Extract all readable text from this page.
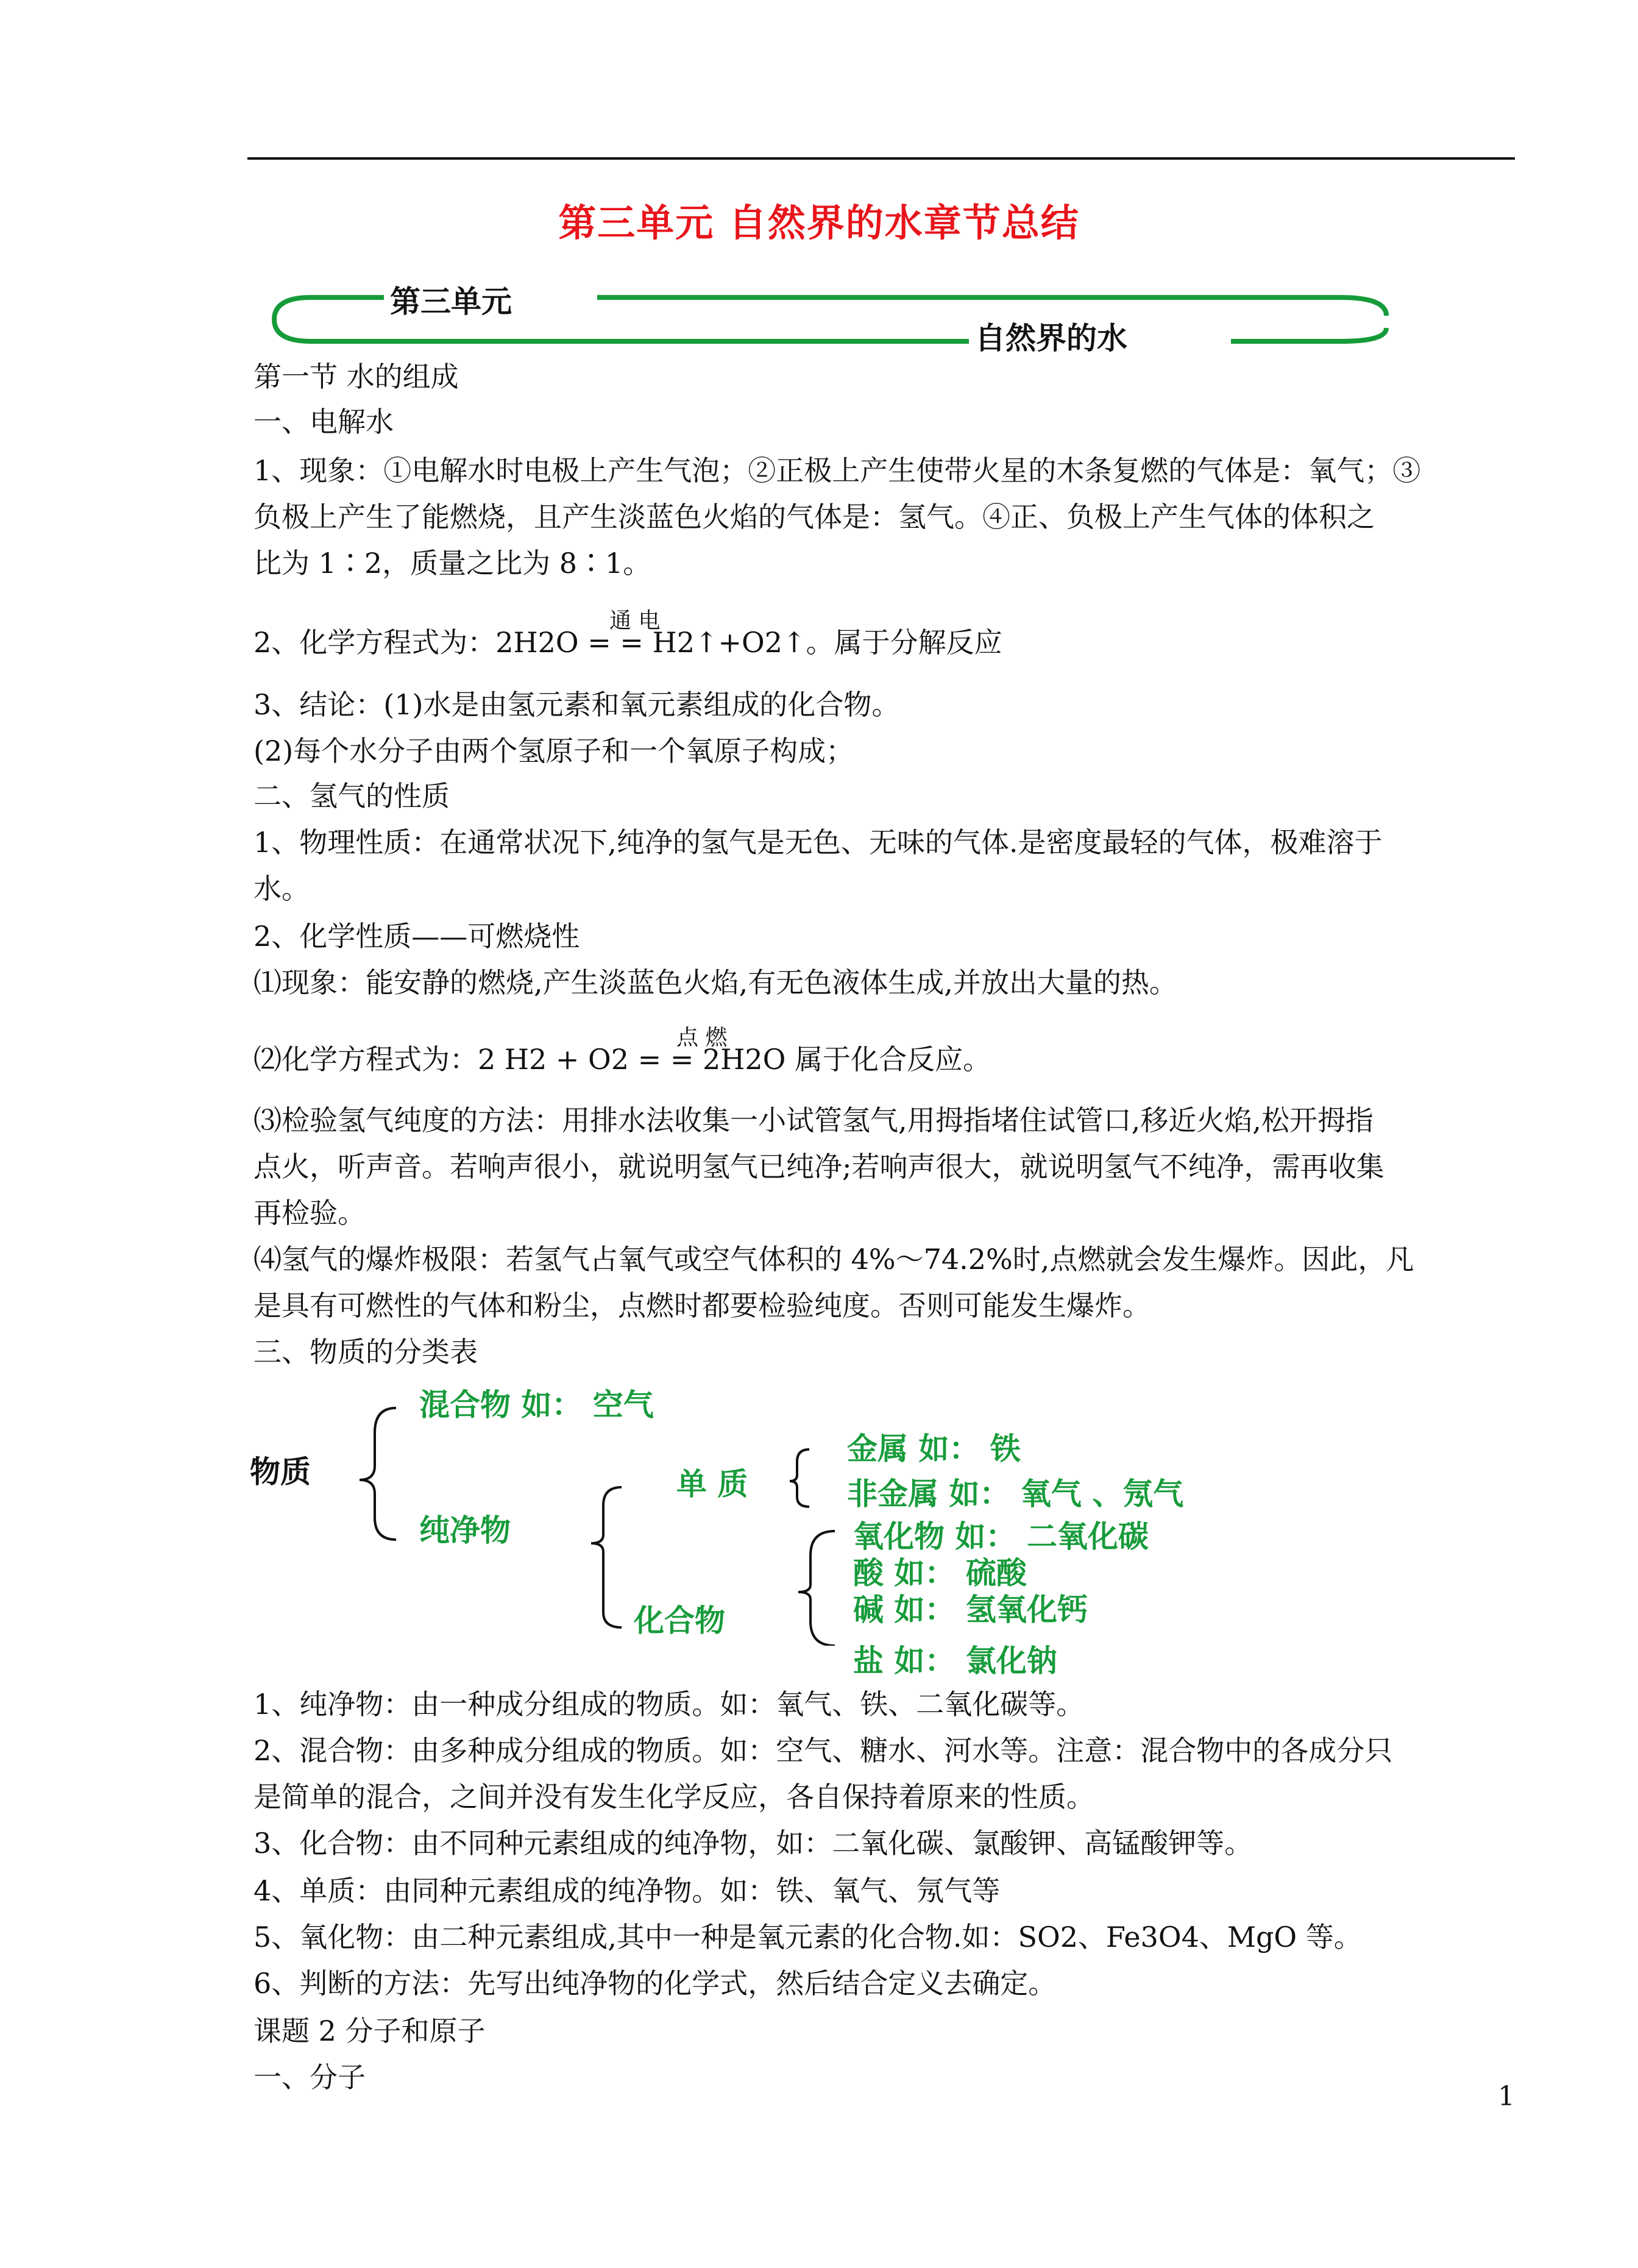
第三单元 自然界的水章节总结
第三单元
自然界的水
第一节 水的组成
一、电解水
1、现象：①电解水时电极上产生气泡；②正极上产生使带火星的木条复燃的气体是：氧气；③
负极上产生了能燃烧，且产生淡蓝色火焰的气体是：氢气。④正、负极上产生气体的体积之
比为 1∶2，质量之比为 8∶1。
通 电
2、化学方程式为：2H2O = = H2↑+O2↑。属于分解反应
3、结论：(1)水是由氢元素和氧元素组成的化合物。
(2)每个水分子由两个氢原子和一个氧原子构成；
二、氢气的性质
1、物理性质：在通常状况下,纯净的氢气是无色、无味的气体.是密度最轻的气体，极难溶于
水。
2、化学性质——可燃烧性
⑴现象：能安静的燃烧,产生淡蓝色火焰,有无色液体生成,并放出大量的热。
点 燃
⑵化学方程式为：2 H2 + O2 = = 2H2O 属于化合反应。
⑶检验氢气纯度的方法：用排水法收集一小试管氢气,用拇指堵住试管口,移近火焰,松开拇指
点火，听声音。若响声很小，就说明氢气已纯净;若响声很大，就说明氢气不纯净，需再收集
再检验。
⑷氢气的爆炸极限：若氢气占氧气或空气体积的 4%～74.2%时,点燃就会发生爆炸。因此，凡
是具有可燃性的气体和粉尘，点燃时都要检验纯度。否则可能发生爆炸。
三、物质的分类表
物质
混合物 如： 空气
纯净物
单 质
金属 如： 铁
非金属 如： 氧气 、氖气
化合物
氧化物 如： 二氧化碳
酸 如： 硫酸
碱 如： 氢氧化钙
盐 如： 氯化钠
1、纯净物：由一种成分组成的物质。如：氧气、铁、二氧化碳等。
2、混合物：由多种成分组成的物质。如：空气、糖水、河水等。注意：混合物中的各成分只
是简单的混合，之间并没有发生化学反应，各自保持着原来的性质。
3、化合物：由不同种元素组成的纯净物，如：二氧化碳、氯酸钾、高锰酸钾等。
4、单质：由同种元素组成的纯净物。如：铁、氧气、氖气等
5、氧化物：由二种元素组成,其中一种是氧元素的化合物.如：SO2、Fe3O4、MgO 等。
6、判断的方法：先写出纯净物的化学式，然后结合定义去确定。
课题 2 分子和原子
一、分子
1
